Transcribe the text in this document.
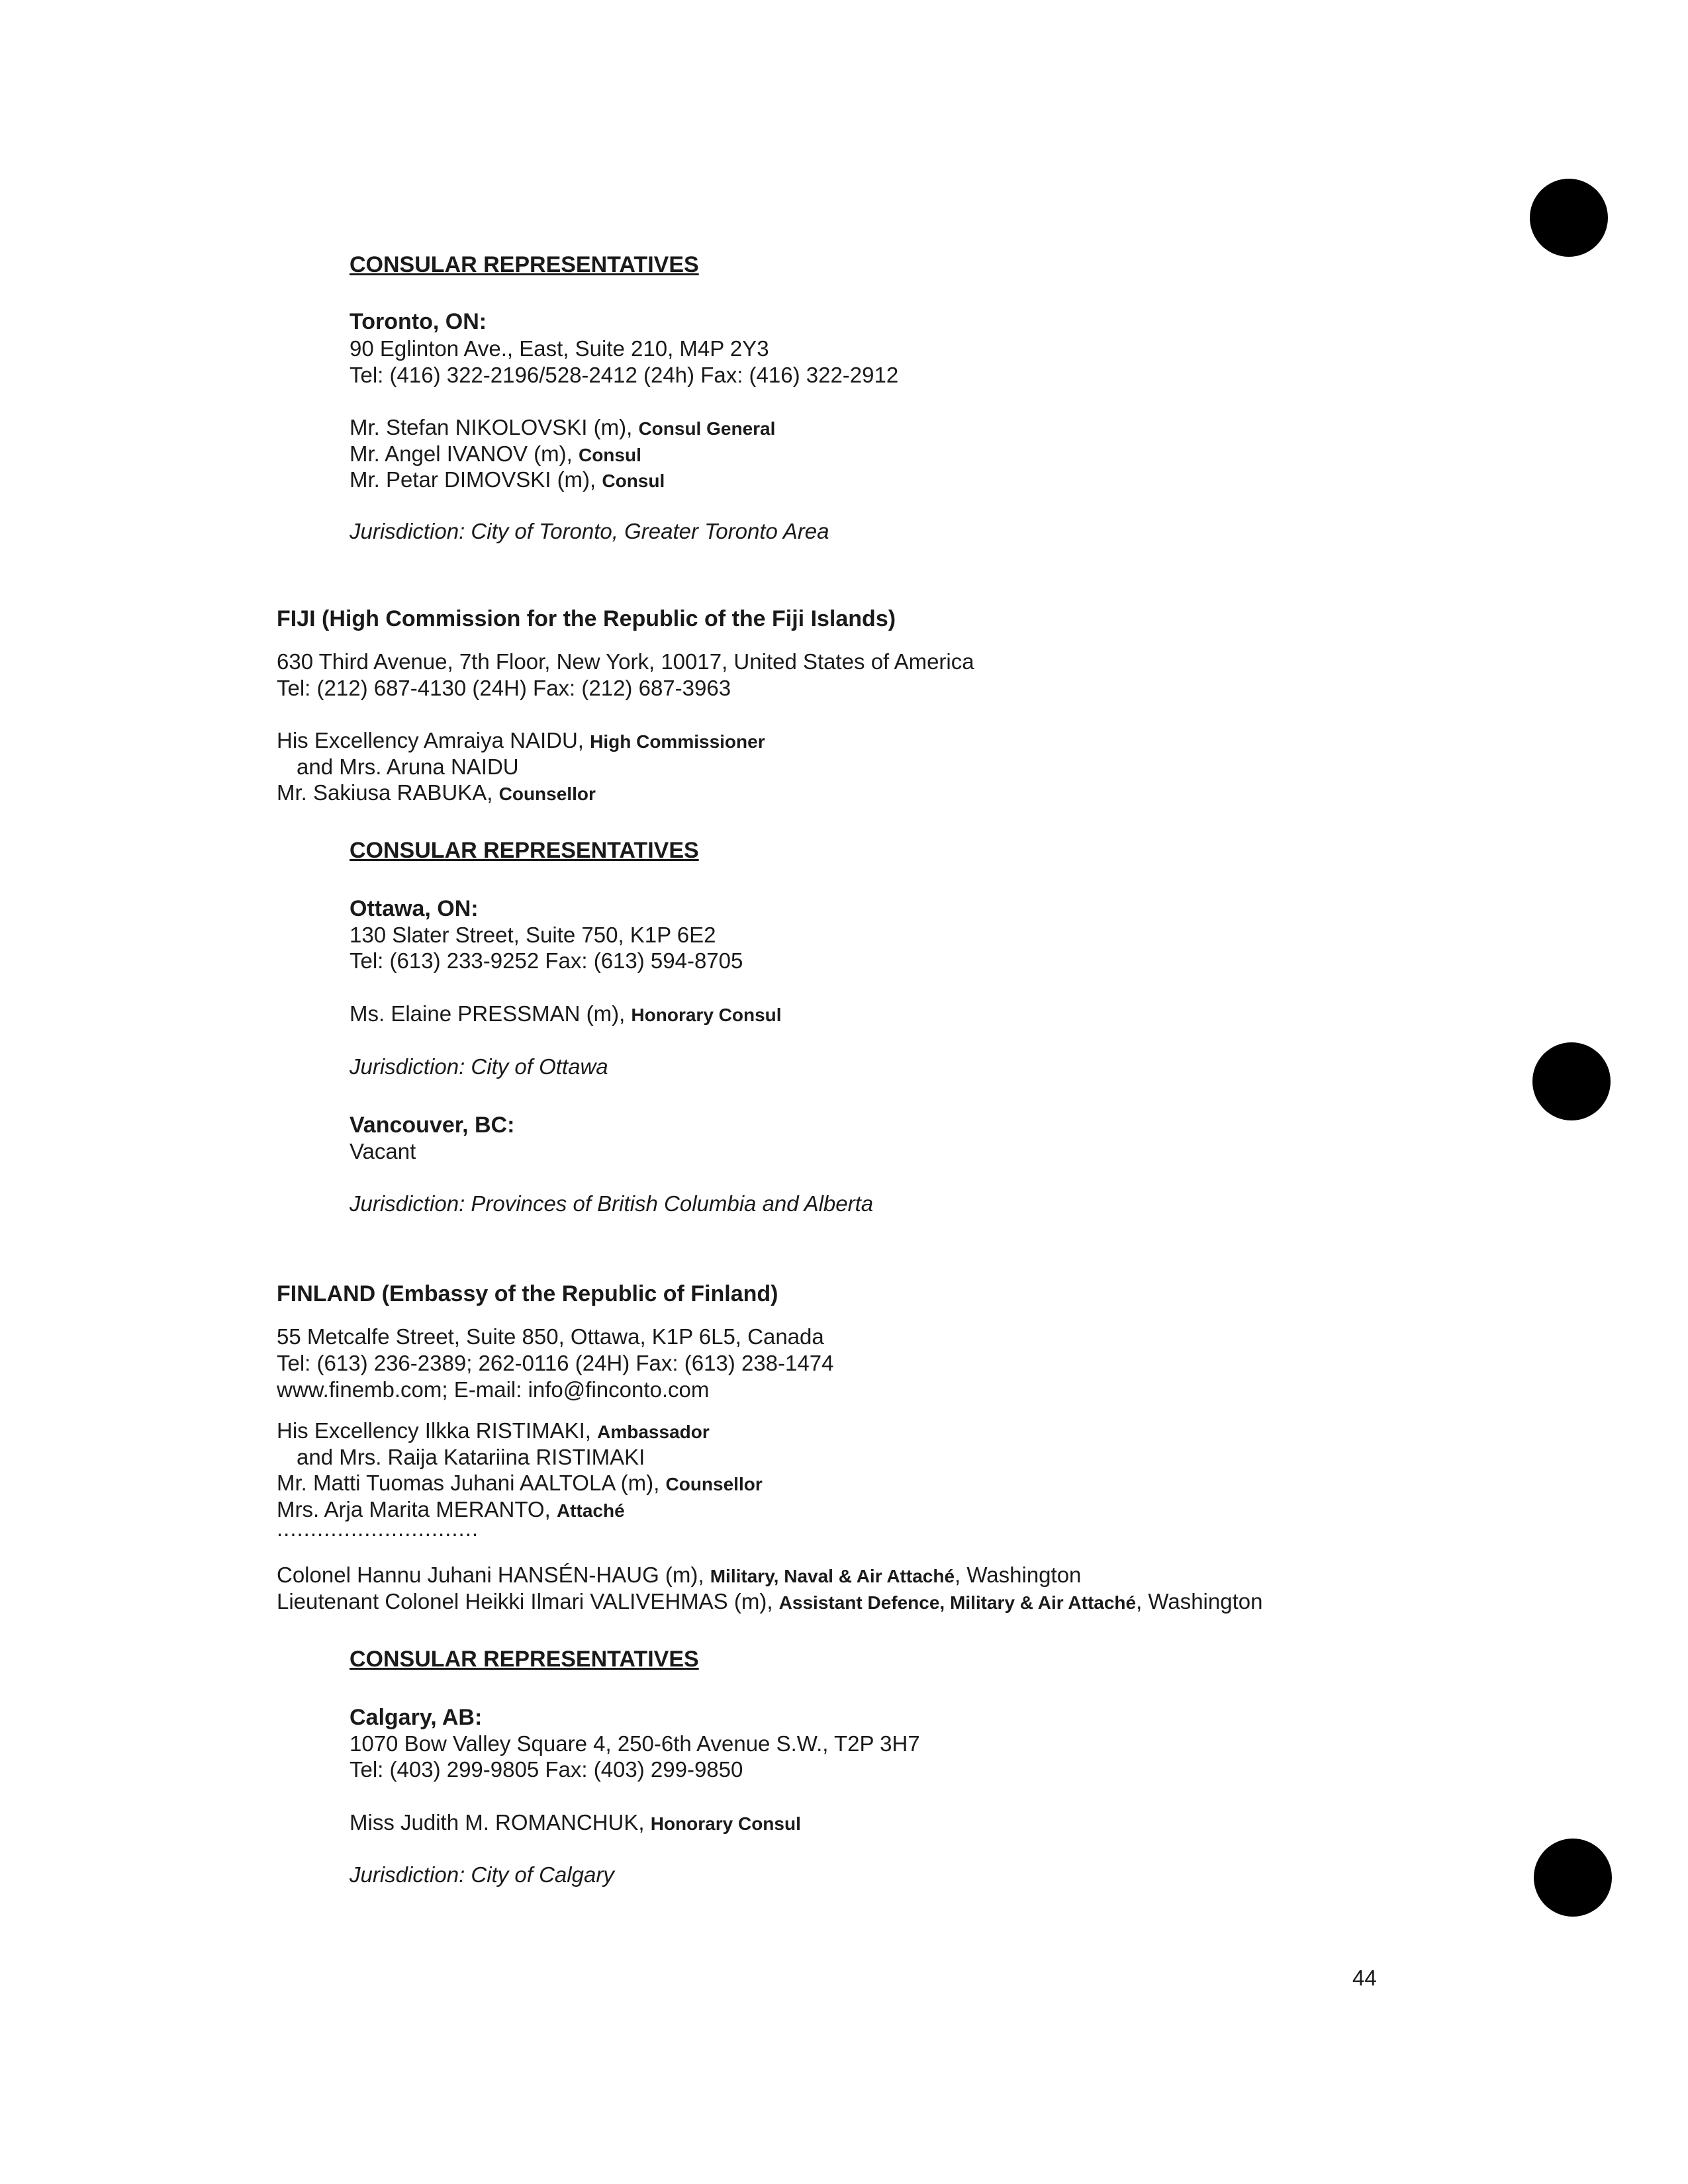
CONSULAR REPRESENTATIVES
Toronto, ON:
90 Eglinton Ave., East, Suite 210, M4P 2Y3
Tel: (416) 322-2196/528-2412 (24h) Fax: (416) 322-2912
Mr. Stefan NIKOLOVSKI (m), Consul General
Mr. Angel IVANOV (m), Consul
Mr. Petar DIMOVSKI (m), Consul
Jurisdiction: City of Toronto, Greater Toronto Area
FIJI (High Commission for the Republic of the Fiji Islands)
630 Third Avenue, 7th Floor, New York, 10017, United States of America
Tel: (212) 687-4130 (24H) Fax: (212) 687-3963
His Excellency Amraiya NAIDU, High Commissioner
and Mrs. Aruna NAIDU
Mr. Sakiusa RABUKA, Counsellor
CONSULAR REPRESENTATIVES
Ottawa, ON:
130 Slater Street, Suite 750, K1P 6E2
Tel: (613) 233-9252 Fax: (613) 594-8705
Ms. Elaine PRESSMAN (m), Honorary Consul
Jurisdiction: City of Ottawa
Vancouver, BC:
Vacant
Jurisdiction: Provinces of British Columbia and Alberta
FINLAND (Embassy of the Republic of Finland)
55 Metcalfe Street, Suite 850, Ottawa, K1P 6L5, Canada
Tel: (613) 236-2389; 262-0116 (24H) Fax: (613) 238-1474
www.finemb.com; E-mail: info@finconto.com
His Excellency Ilkka RISTIMAKI, Ambassador
and Mrs. Raija Katariina RISTIMAKI
Mr. Matti Tuomas Juhani AALTOLA (m), Counsellor
Mrs. Arja Marita MERANTO, Attaché
..............................
Colonel Hannu Juhani HANSÉN-HAUG (m), Military, Naval & Air Attaché, Washington
Lieutenant Colonel Heikki Ilmari VALIVEHMAS (m), Assistant Defence, Military & Air Attaché, Washington
CONSULAR REPRESENTATIVES
Calgary, AB:
1070 Bow Valley Square 4, 250-6th Avenue S.W., T2P 3H7
Tel: (403) 299-9805 Fax: (403) 299-9850
Miss Judith M. ROMANCHUK, Honorary Consul
Jurisdiction: City of Calgary
44
